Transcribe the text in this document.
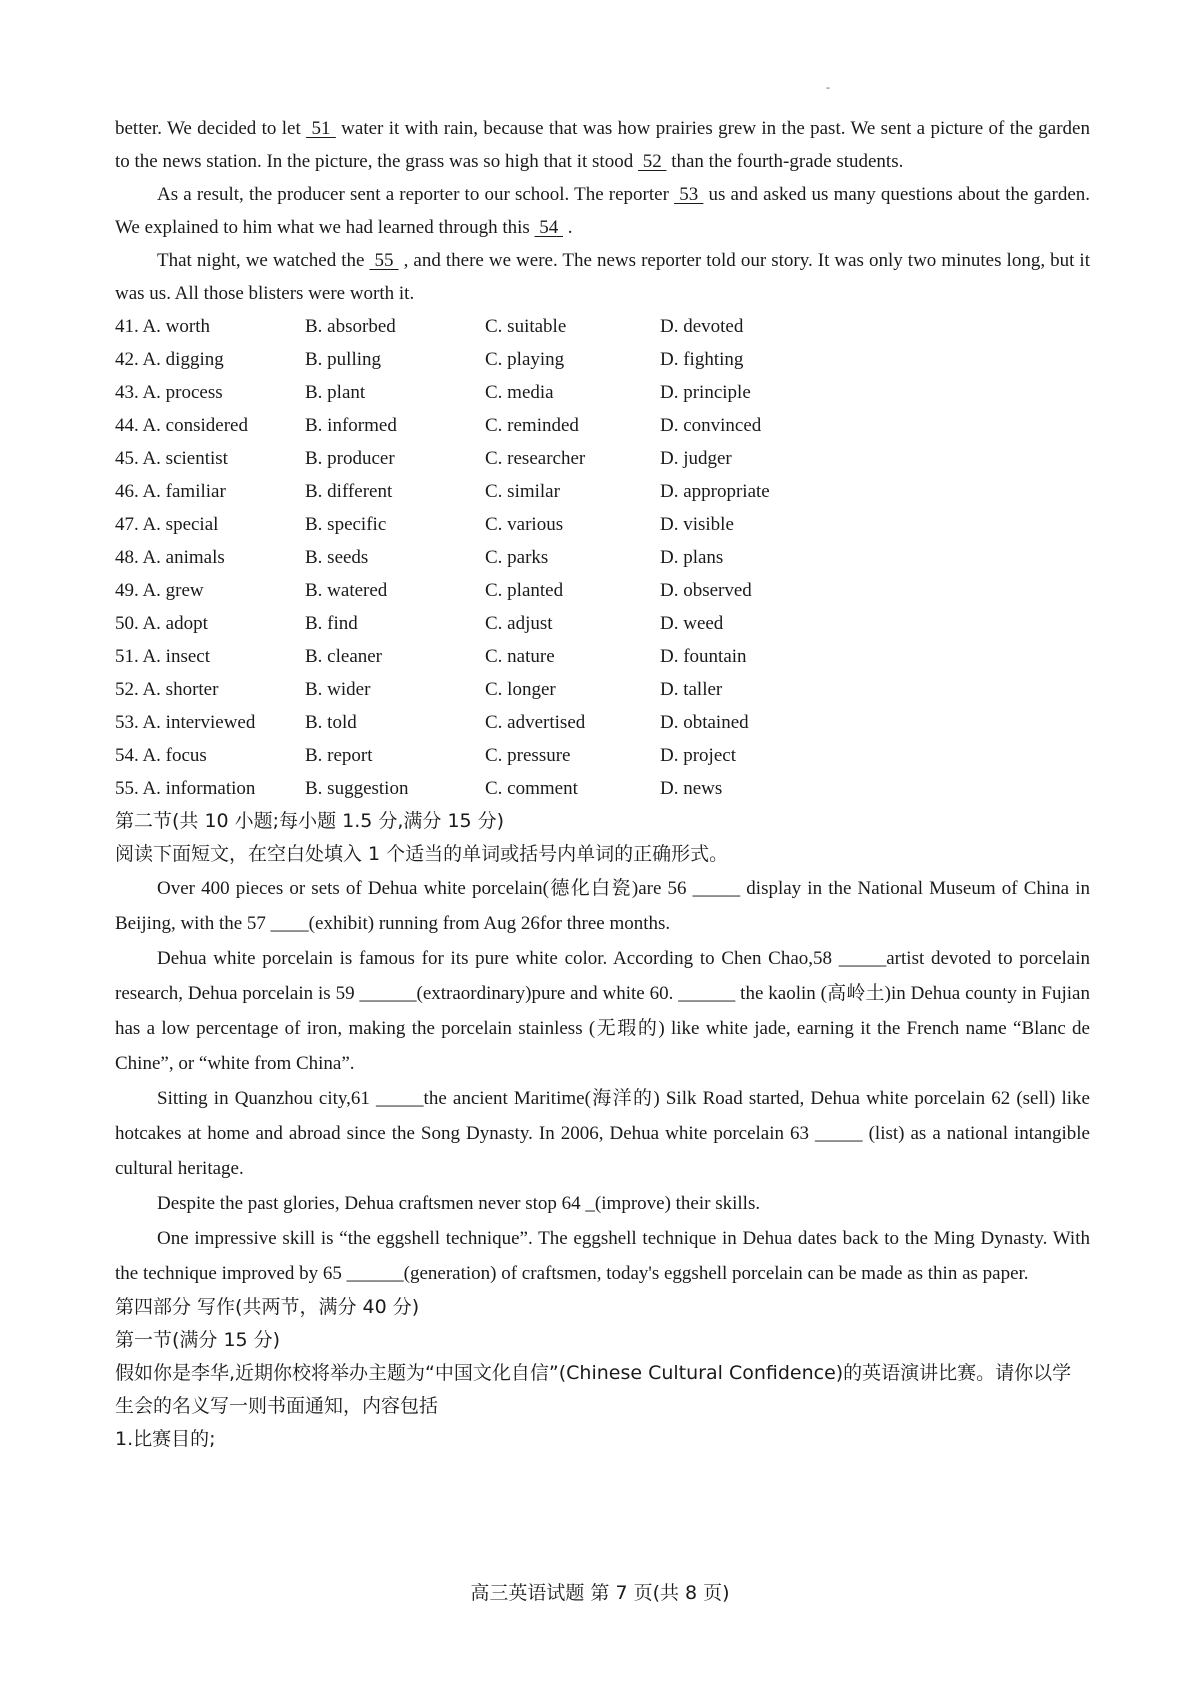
-

better. We decided to let  51  water it with rain, because that was how prairies grew in the past. We sent a picture of the garden to the news station. In the picture, the grass was so high that it stood  52  than the fourth-grade students.

As a result, the producer sent a reporter to our school. The reporter  53  us and asked us many questions about the garden. We explained to him what we had learned through this  54  .

That night, we watched the  55  , and there we were. The news reporter told our story. It was only two minutes long, but it was us. All those blisters were worth it.

41. A. worth	B. absorbed	C. suitable	D. devoted
42. A. digging	B. pulling	C. playing	D. fighting
43. A. process	B. plant	C. media	D. principle
44. A. considered	B. informed	C. reminded	D. convinced
45. A. scientist	B. producer	C. researcher	D. judger
46. A. familiar	B. different	C. similar	D. appropriate
47. A. special	B. specific	C. various	D. visible
48. A. animals	B. seeds	C. parks	D. plans
49. A. grew	B. watered	C. planted	D. observed
50. A. adopt	B. find	C. adjust	D. weed
51. A. insect	B. cleaner	C. nature	D. fountain
52. A. shorter	B. wider	C. longer	D. taller
53. A. interviewed	B. told	C. advertised	D. obtained
54. A. focus	B. report	C. pressure	D. project
55. A. information	B. suggestion	C. comment	D. news

第二节(共 10 小题;每小题 1.5 分,满分 15 分)

阅读下面短文，在空白处填入 1 个适当的单词或括号内单词的正确形式。

Over 400 pieces or sets of Dehua white porcelain(德化白瓷)are 56 _____ display in the National Museum of China in Beijing, with the 57 ____(exhibit) running from Aug 26for three months.

Dehua white porcelain is famous for its pure white color. According to Chen Chao,58 _____artist devoted to porcelain research, Dehua porcelain is 59 ______(extraordinary)pure and white 60. ______ the kaolin (高岭土)in Dehua county in Fujian has a low percentage of iron, making the porcelain stainless (无瑕的) like white jade, earning it the French name “Blanc de Chine”, or “white from China”.

Sitting in Quanzhou city,61 _____the ancient Maritime(海洋的) Silk Road started, Dehua white porcelain 62 (sell) like hotcakes at home and abroad since the Song Dynasty. In 2006, Dehua white porcelain 63 _____ (list) as a national intangible cultural heritage.

Despite the past glories, Dehua craftsmen never stop 64 _(improve) their skills.

One impressive skill is “the eggshell technique”. The eggshell technique in Dehua dates back to the Ming Dynasty. With the technique improved by 65 ______(generation) of craftsmen, today's eggshell porcelain can be made as thin as paper.

第四部分 写作(共两节，满分 40 分)

第一节(满分 15 分)

假如你是李华,近期你校将举办主题为“中国文化自信”(Chinese Cultural Confidence)的英语演讲比赛。请你以学生会的名义写一则书面通知，内容包括

1.比赛目的;

高三英语试题 第 7 页(共 8 页)
